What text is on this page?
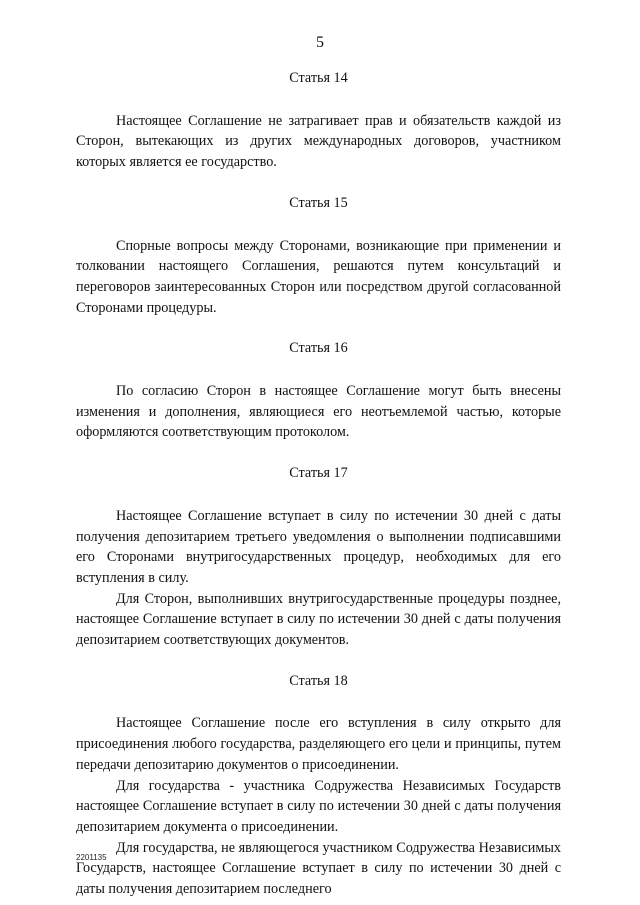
5
Статья 14

Настоящее Соглашение не затрагивает прав и обязательств каждой из Сторон, вытекающих из других международных договоров, участником которых является ее государство.

Статья 15

Спорные вопросы между Сторонами, возникающие при применении и толковании настоящего Соглашения, решаются путем консультаций и переговоров заинтересованных Сторон или посредством другой согласованной Сторонами процедуры.

Статья 16

По согласию Сторон в настоящее Соглашение могут быть внесены изменения и дополнения, являющиеся его неотъемлемой частью, которые оформляются соответствующим протоколом.

Статья 17

Настоящее Соглашение вступает в силу по истечении 30 дней с даты получения депозитарием третьего уведомления о выполнении подписавшими его Сторонами внутригосударственных процедур, необходимых для его вступления в силу.

Для Сторон, выполнивших внутригосударственные процедуры позднее, настоящее Соглашение вступает в силу по истечении 30 дней с даты получения депозитарием соответствующих документов.

Статья 18

Настоящее Соглашение после его вступления в силу открыто для присоединения любого государства, разделяющего его цели и принципы, путем передачи депозитарию документов о присоединении.

Для государства - участника Содружества Независимых Государств настоящее Соглашение вступает в силу по истечении 30 дней с даты получения депозитарием документа о присоединении.

Для государства, не являющегося участником Содружества Независимых Государств, настоящее Соглашение вступает в силу по истечении 30 дней с даты получения депозитарием последнего

2201135
